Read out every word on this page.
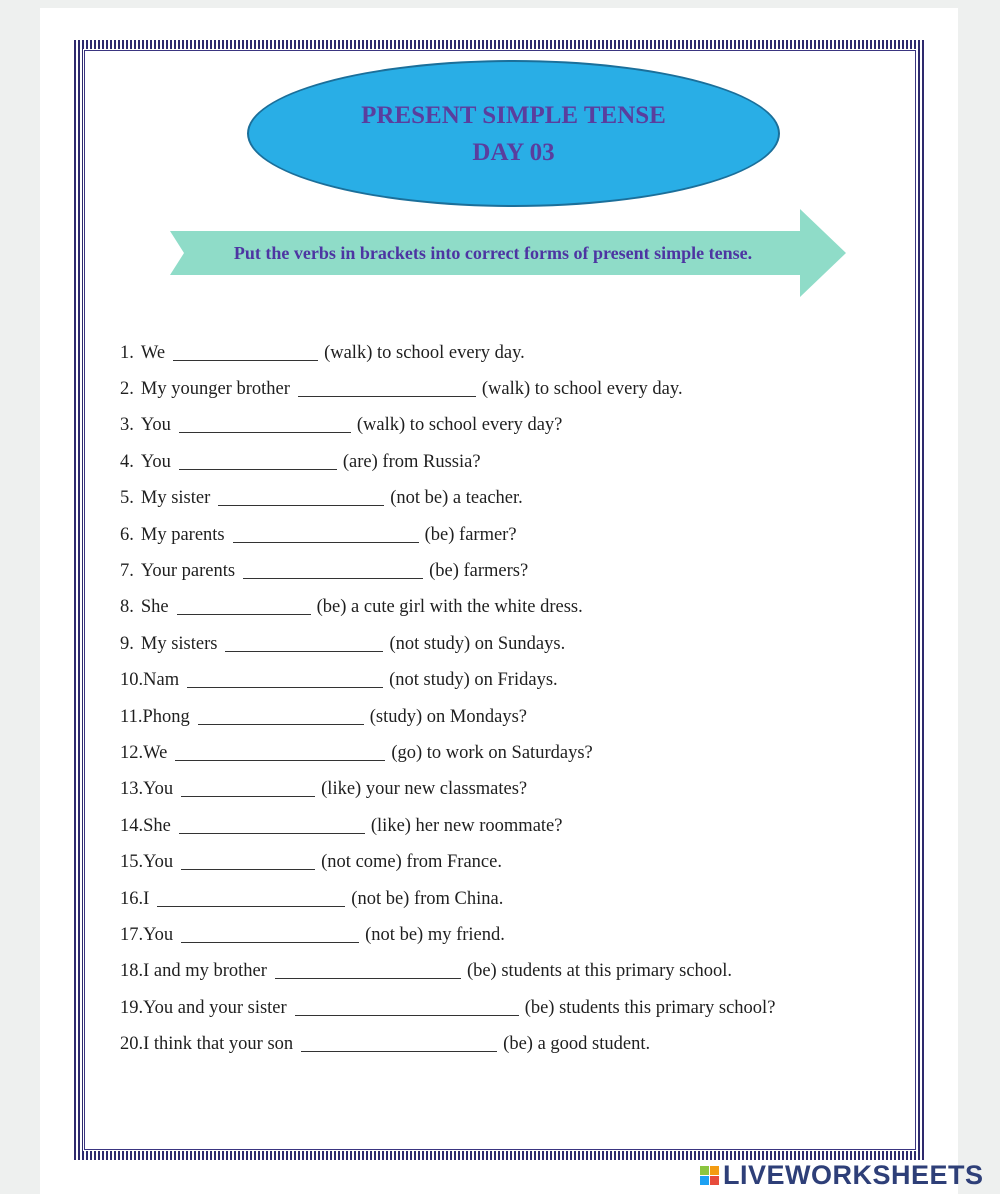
PRESENT SIMPLE TENSE
DAY 03
Put the verbs in brackets into correct forms of present simple tense.
1. We	(walk) to school every day.
2. My younger brother	(walk) to school every day.
3. You	(walk) to school every day?
4. You	(are) from Russia?
5. My sister	(not be) a teacher.
6. My parents	(be) farmer?
7. Your parents	(be) farmers?
8. She	(be) a cute girl with the white dress.
9. My sisters	(not study) on Sundays.
10. Nam	(not study) on Fridays.
11. Phong	(study) on Mondays?
12. We	(go) to work on Saturdays?
13. You	(like) your new classmates?
14. She	(like) her new roommate?
15. You	(not come) from France.
16. I	(not be) from China.
17. You	(not be) my friend.
18. I and my brother	(be) students at this primary school.
19. You and your sister	(be) students this primary school?
20. I think that your son	(be) a good student.
LIVEWORKSHEETS
